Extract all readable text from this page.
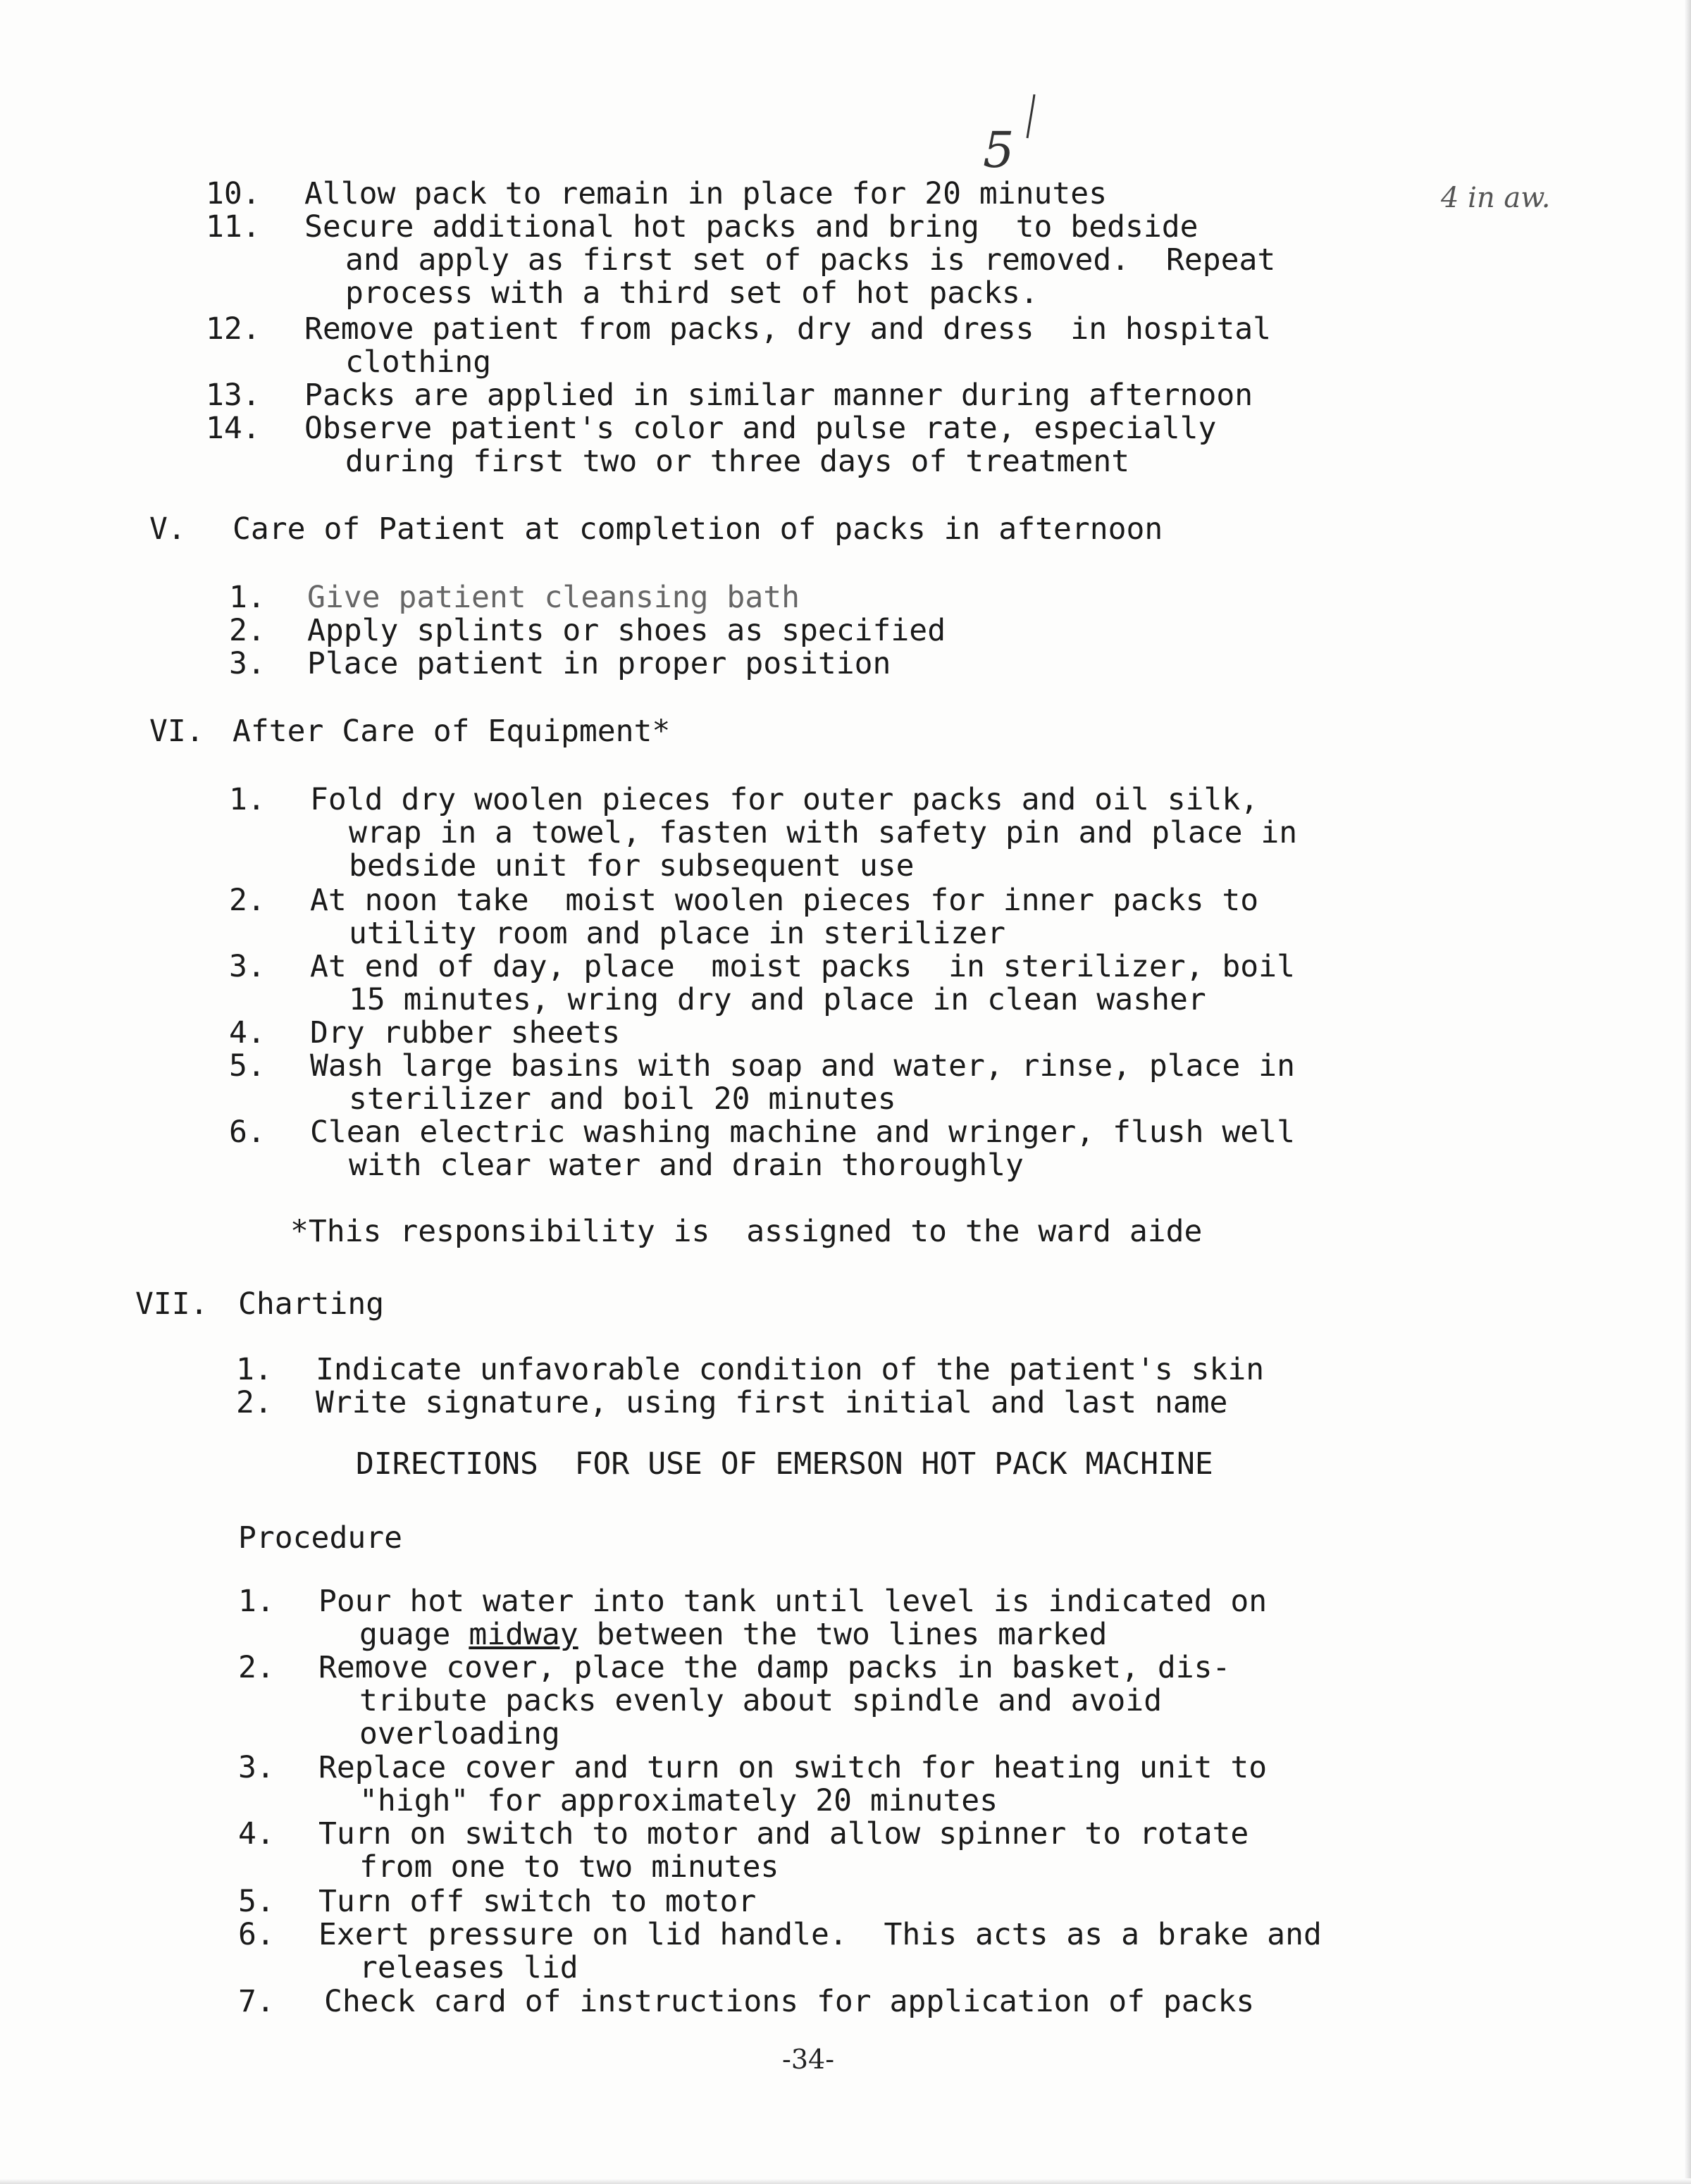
4 in aw.
5
10. Allow pack to remain in place for 20 minutes
11. Secure additional hot packs and bring  to bedside
and apply as first set of packs is removed.  Repeat
process with a third set of hot packs.
12. Remove patient from packs, dry and dress  in hospital
clothing
13. Packs are applied in similar manner during afternoon
14. Observe patient's color and pulse rate, especially
during first two or three days of treatment
V. Care of Patient at completion of packs in afternoon
1. Give patient cleansing bath
2. Apply splints or shoes as specified
3. Place patient in proper position
VI. After Care of Equipment*
1. Fold dry woolen pieces for outer packs and oil silk,
wrap in a towel, fasten with safety pin and place in
bedside unit for subsequent use
2. At noon take  moist woolen pieces for inner packs to
utility room and place in sterilizer
3. At end of day, place  moist packs  in sterilizer, boil
15 minutes, wring dry and place in clean washer
4. Dry rubber sheets
5. Wash large basins with soap and water, rinse, place in
sterilizer and boil 20 minutes
6. Clean electric washing machine and wringer, flush well
with clear water and drain thoroughly
*This responsibility is  assigned to the ward aide
VII. Charting
1. Indicate unfavorable condition of the patient's skin
2. Write signature, using first initial and last name
DIRECTIONS  FOR USE OF EMERSON HOT PACK MACHINE
Procedure
1. Pour hot water into tank until level is indicated on
guage midway between the two lines marked
2. Remove cover, place the damp packs in basket, dis-
tribute packs evenly about spindle and avoid
overloading
3. Replace cover and turn on switch for heating unit to
"high" for approximately 20 minutes
4. Turn on switch to motor and allow spinner to rotate
from one to two minutes
5. Turn off switch to motor
6. Exert pressure on lid handle.  This acts as a brake and
releases lid
7. Check card of instructions for application of packs
-34-
